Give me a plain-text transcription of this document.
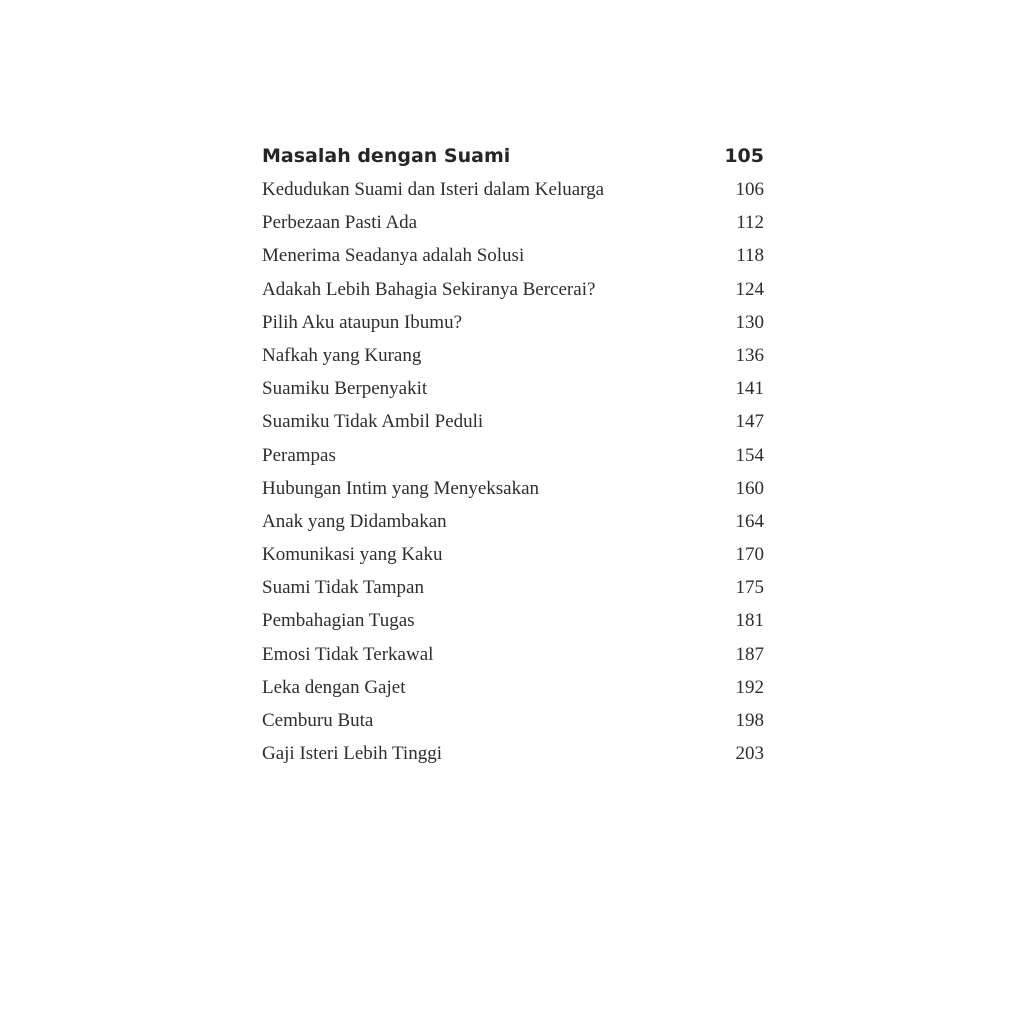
Masalah dengan Suami	105
Kedudukan Suami dan Isteri dalam Keluarga	106
Perbezaan Pasti Ada	112
Menerima Seadanya adalah Solusi	118
Adakah Lebih Bahagia Sekiranya Bercerai?	124
Pilih Aku ataupun Ibumu?	130
Nafkah yang Kurang	136
Suamiku Berpenyakit	141
Suamiku Tidak Ambil Peduli	147
Perampas	154
Hubungan Intim yang Menyeksakan	160
Anak yang Didambakan	164
Komunikasi yang Kaku	170
Suami Tidak Tampan	175
Pembahagian Tugas	181
Emosi Tidak Terkawal	187
Leka dengan Gajet	192
Cemburu Buta	198
Gaji Isteri Lebih Tinggi	203
